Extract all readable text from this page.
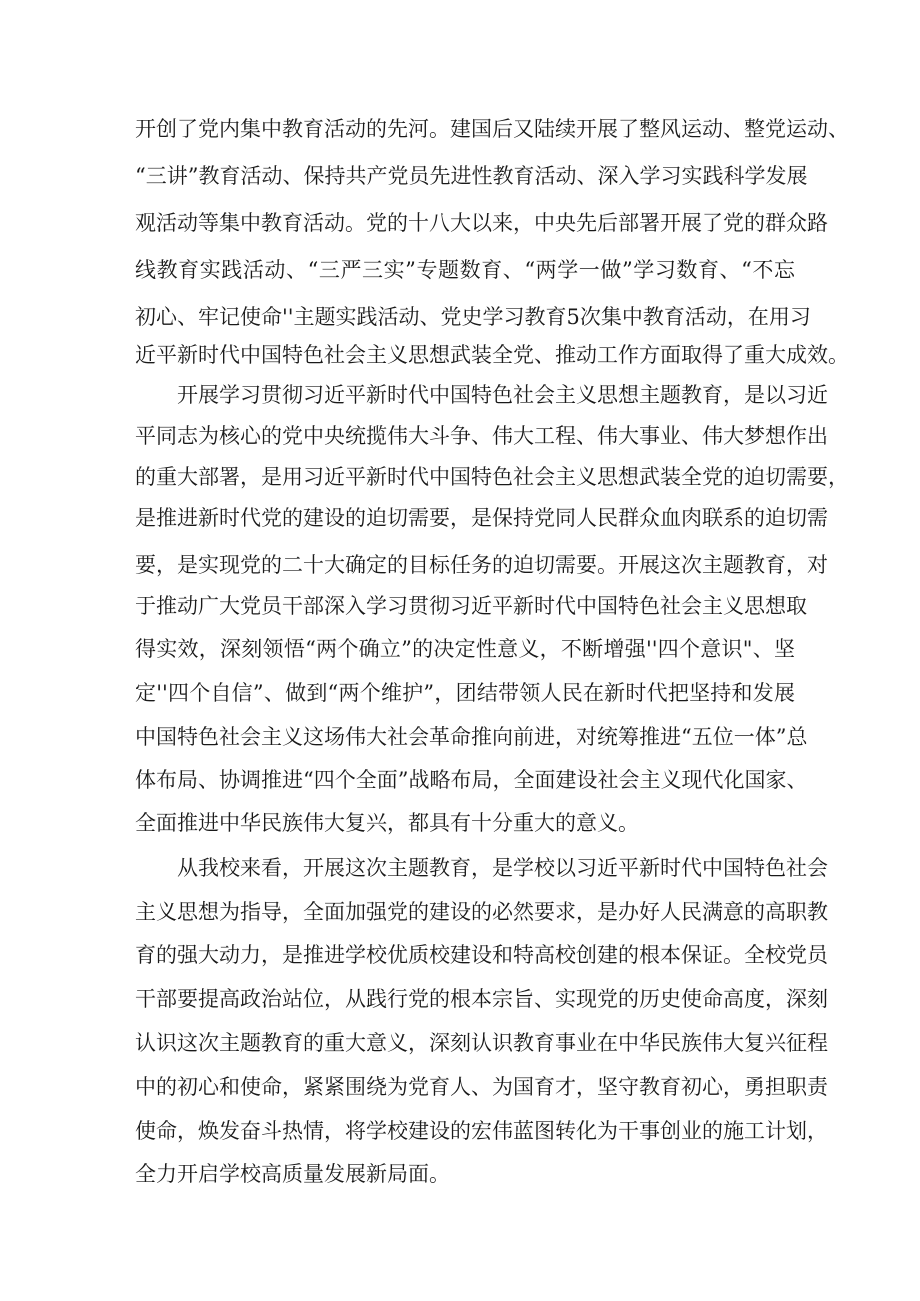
开创了党内集中教育活动的先河。建国后又陆续开展了整风运动、整党运动、
“三讲”教育活动、保持共产党员先进性教育活动、深入学习实践科学发展
观活动等集中教育活动。党的十八大以来，中央先后部署开展了党的群众路
线教育实践活动、“三严三实”专题数育、“两学一做”学习数育、“不忘
初心、牢记使命''主题实践活动、党史学习教育5次集中教育活动，在用习
近平新时代中国特色社会主义思想武装全党、推动工作方面取得了重大成效。
开展学习贯彻习近平新时代中国特色社会主义思想主题教育，是以习近
平同志为核心的党中央统揽伟大斗争、伟大工程、伟大事业、伟大梦想作出
的重大部署，是用习近平新时代中国特色社会主义思想武装全党的迫切需要，
是推进新时代党的建设的迫切需要，是保持党同人民群众血肉联系的迫切需
要，是实现党的二十大确定的目标任务的迫切需要。开展这次主题教育，对
于推动广大党员干部深入学习贯彻习近平新时代中国特色社会主义思想取
得实效，深刻领悟“两个确立”的决定性意义，不断增强''四个意识"、坚
定''四个自信”、做到“两个维护”，团结带领人民在新时代把坚持和发展
中国特色社会主义这场伟大社会革命推向前进，对统筹推进“五位一体”总
体布局、协调推进“四个全面”战略布局，全面建设社会主义现代化国家、
全面推进中华民族伟大复兴，都具有十分重大的意义。
从我校来看，开展这次主题教育，是学校以习近平新时代中国特色社会
主义思想为指导，全面加强党的建设的必然要求，是办好人民满意的高职教
育的强大动力，是推进学校优质校建设和特高校创建的根本保证。全校党员
干部要提高政治站位，从践行党的根本宗旨、实现党的历史使命高度，深刻
认识这次主题教育的重大意义，深刻认识教育事业在中华民族伟大复兴征程
中的初心和使命，紧紧围绕为党育人、为国育才，坚守教育初心，勇担职责
使命，焕发奋斗热情，将学校建设的宏伟蓝图转化为干事创业的施工计划，
全力开启学校高质量发展新局面。
